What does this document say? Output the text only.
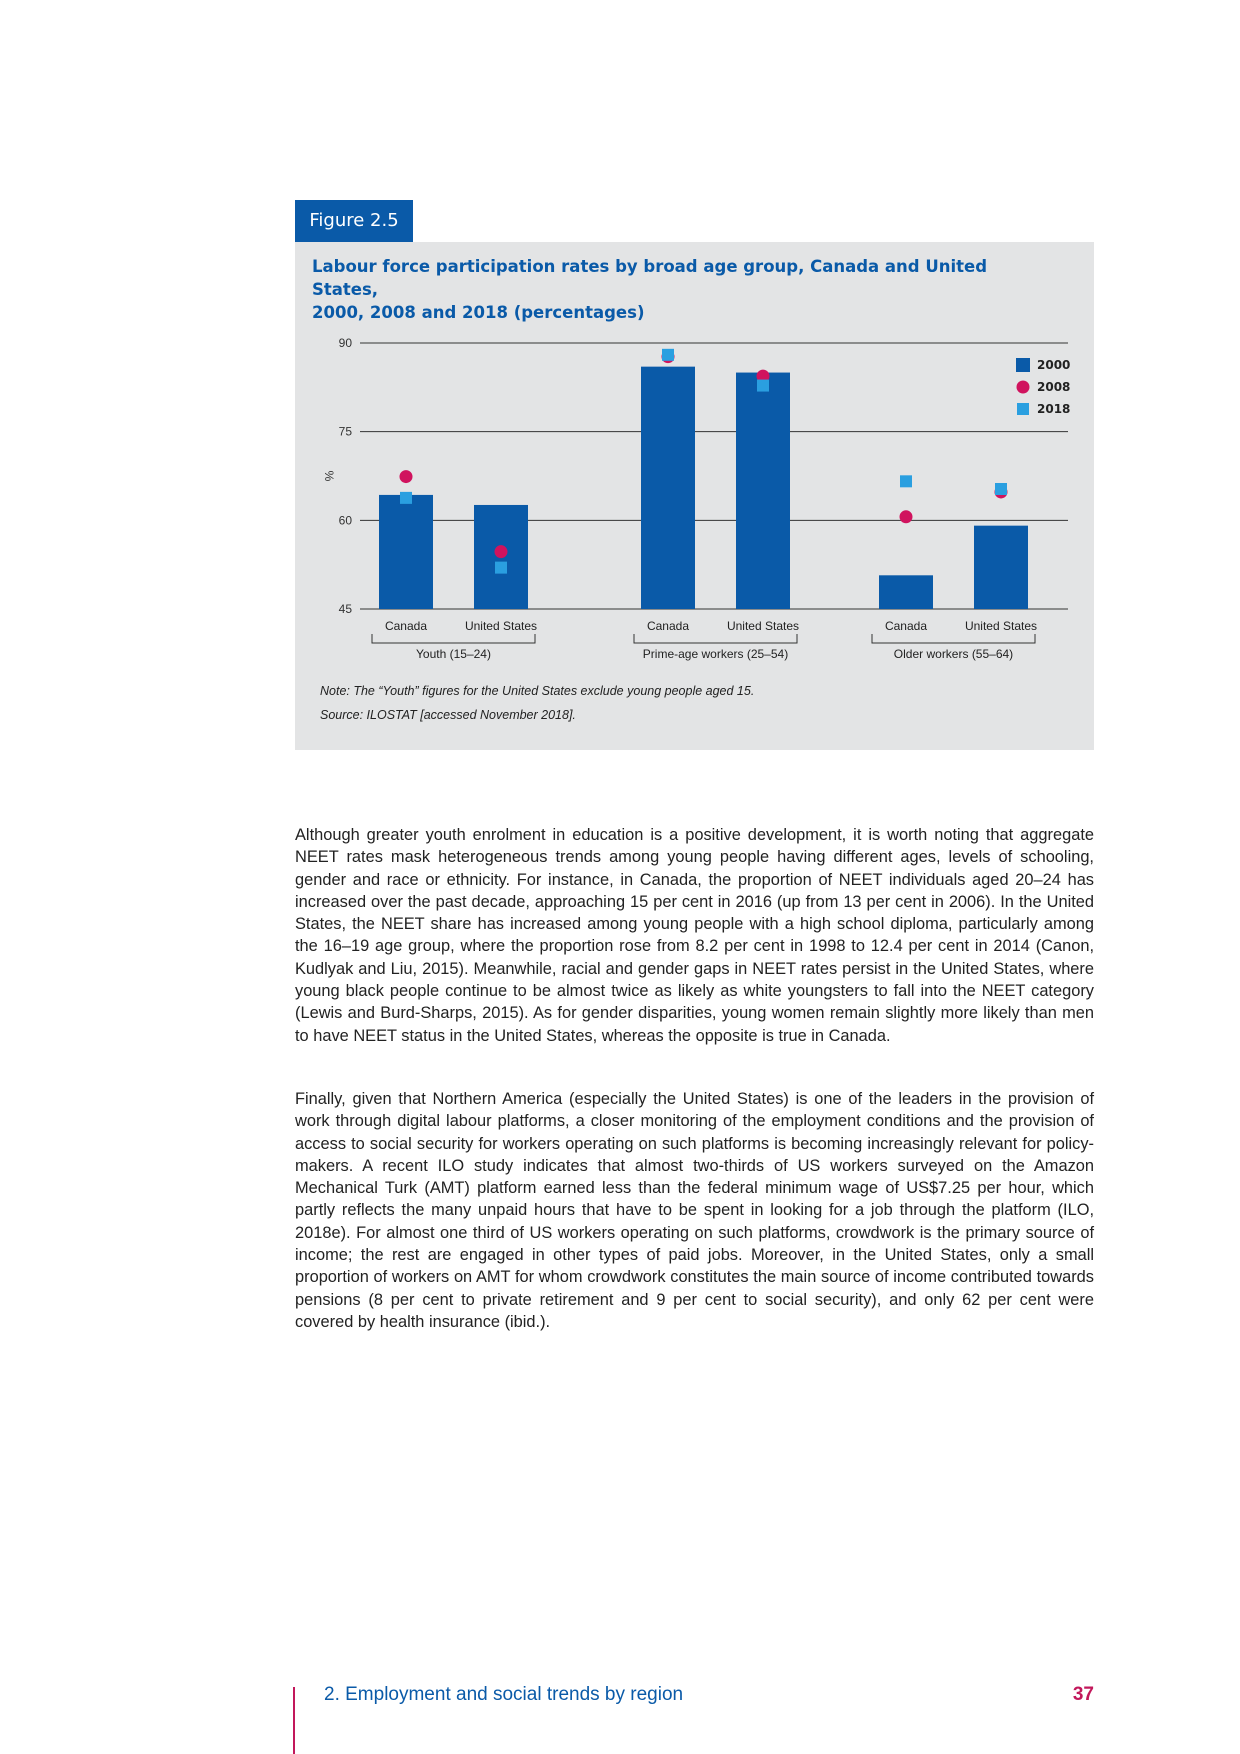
Figure 2.5
Labour force participation rates by broad age group, Canada and United States,
2000, 2008 and 2018 (percentages)
45
60
75
90
%
Canada	United States
Youth (15–24)
Canada	United States
Prime-age workers (25–54)
Canada	United States
Older workers (55–64)
2000
2008
2018
Note: The “Youth” figures for the United States exclude young people aged 15.
Source: ILOSTAT [accessed November 2018].

Although greater youth enrolment in education is a positive development, it is worth noting that aggregate NEET rates mask heterogeneous trends among young people having different ages, levels of schooling, gender and race or ethnicity. For instance, in Canada, the proportion of NEET individuals aged 20–24 has increased over the past decade, approaching 15 per cent in 2016 (up from 13 per cent in 2006). In the United States, the NEET share has increased among young people with a high school diploma, particularly among the 16–19 age group, where the proportion rose from 8.2 per cent in 1998 to 12.4 per cent in 2014 (Canon, Kudlyak and Liu, 2015). Meanwhile, racial and gender gaps in NEET rates persist in the United States, where young black people continue to be almost twice as likely as white youngsters to fall into the NEET category (Lewis and Burd-Sharps, 2015). As for gender disparities, young women remain slightly more likely than men to have NEET status in the United States, whereas the opposite is true in Canada.

Finally, given that Northern America (especially the United States) is one of the leaders in the provision of work through digital labour platforms, a closer monitoring of the employment conditions and the provision of access to social security for workers operating on such platforms is becoming increasingly relevant for policy-makers. A recent ILO study indicates that almost two-thirds of US workers surveyed on the Amazon Mechanical Turk (AMT) platform earned less than the federal minimum wage of US$7.25 per hour, which partly reflects the many unpaid hours that have to be spent in looking for a job through the platform (ILO, 2018e). For almost one third of US workers operating on such platforms, crowdwork is the primary source of income; the rest are engaged in other types of paid jobs. Moreover, in the United States, only a small proportion of workers on AMT for whom crowdwork constitutes the main source of income contributed towards pensions (8 per cent to private retirement and 9 per cent to social security), and only 62 per cent were covered by health insurance (ibid.).

2. Employment and social trends by region	37
